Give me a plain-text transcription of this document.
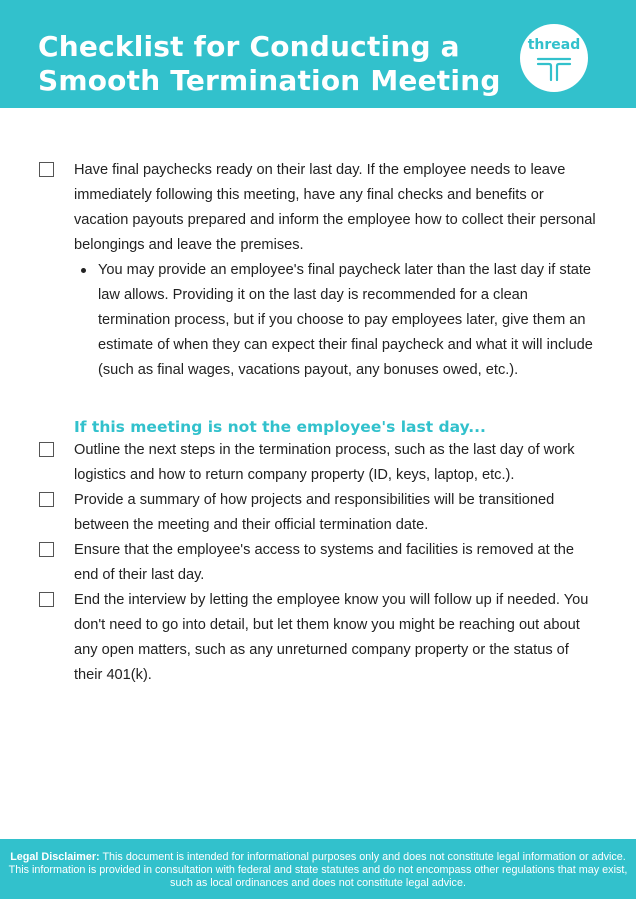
Checklist for Conducting a
Smooth Termination Meeting
thread
Have final paychecks ready on their last day. If the employee needs to leave immediately following this meeting, have any final checks and benefits or vacation payouts prepared and inform the employee how to collect their personal belongings and leave the premises.
You may provide an employee's final paycheck later than the last day if state law allows. Providing it on the last day is recommended for a clean termination process, but if you choose to pay employees later, give them an estimate of when they can expect their final paycheck and what it will include (such as final wages, vacations payout, any bonuses owed, etc.).
If this meeting is not the employee's last day...
Outline the next steps in the termination process, such as the last day of work logistics and how to return company property (ID, keys, laptop, etc.).
Provide a summary of how projects and responsibilities will be transitioned between the meeting and their official termination date.
Ensure that the employee's access to systems and facilities is removed at the end of their last day.
End the interview by letting the employee know you will follow up if needed. You don't need to go into detail, but let them know you might be reaching out about any open matters, such as any unreturned company property or the status of their 401(k).
Legal Disclaimer: This document is intended for informational purposes only and does not constitute legal information or advice. This information is provided in consultation with federal and state statutes and do not encompass other regulations that may exist, such as local ordinances and does not constitute legal advice.
